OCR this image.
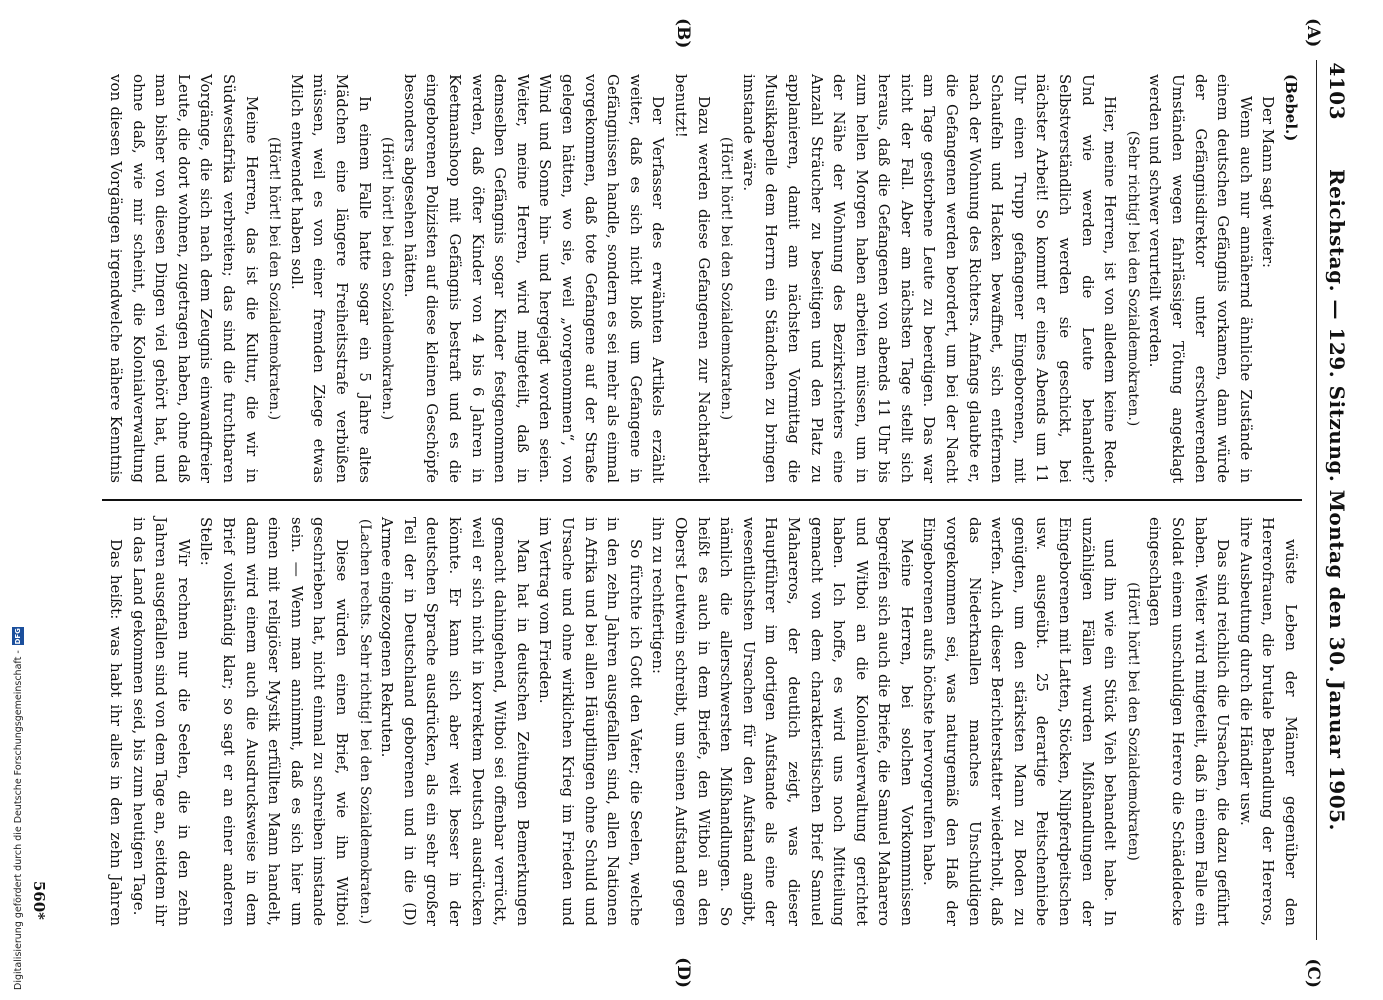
4103
Reichstag. — 129. Sitzung. Montag den 30. Januar 1905.

(Bebel.)

Der Mann sagt weiter:

Wenn auch nur annähernd ähnliche Zustände in einem deutschen Gefängnis vorkamen, dann würde der Gefängnisdirektor unter erschwerenden Umständen wegen fahrlässiger Tötung angeklagt werden und schwer verurteilt werden.

(Sehr richtig! bei den Sozialdemokraten.)

Hier, meine Herren, ist von alledem keine Rede. Und wie werden die Leute behandelt? Selbstverständlich werden sie geschickt, bei nächster Arbeit! So kommt er eines Abends um 11 Uhr einen Trupp gefangener Eingeborenen, mit Schaufeln und Hacken bewaffnet, sich entfernen nach der Wohnung des Richters. Anfangs glaubte er, die Gefangenen werden beordert, um bei der Nacht am Tage gestorbene Leute zu beerdigen. Das war nicht der Fall. Aber am nächsten Tage stellt sich heraus, daß die Gefangenen von abends 11 Uhr bis zum hellen Morgen haben arbeiten müssen, um in der Nähe der Wohnung des Bezirksrichters eine Anzahl Sträucher zu beseitigen und den Platz zu applanieren, damit am nächsten Vormittag die Musikkapelle dem Herrn ein Ständchen zu bringen imstande wäre.

(Hört! hört! bei den Sozialdemokraten.)

Dazu werden diese Gefangenen zur Nachtarbeit benutzt!

Der Verfasser des erwähnten Artikels erzählt weiter, daß es sich nicht bloß um Gefangene in Gefängnissen handle, sondern es sei mehr als einmal vorgekommen, daß tote Gefangene auf der Straße gelegen hätten, wo sie, weil „vorgenommen“, von Wind und Sonne hin- und hergejagt worden seien. Weiter, meine Herren, wird mitgeteilt, daß in demselben Gefängnis sogar Kinder festgenommen werden, daß öfter Kinder von 4 bis 6 Jahren in Keetmanshoop mit Gefängnis bestraft und es die eingeborenen Polizisten auf diese kleinen Geschöpfe besonders abgesehen hätten.

(Hört! hört! bei den Sozialdemokraten.)

In einem Falle hatte sogar ein 5 Jahre altes Mädchen eine längere Freiheitsstrafe verbüßen müssen, weil es von einer fremden Ziege etwas Milch entwendet haben soll.

(Hört! hört! bei den Sozialdemokraten.)

Meine Herren, das ist die Kultur, die wir in Südwestafrika verbreiten; das sind die furchtbaren Vorgänge, die sich nach dem Zeugnis einwandfreier Leute, die dort wohnen, zugetragen haben, ohne daß man bisher von diesen Dingen viel gehört hat, und ohne daß, wie mir scheint, die Kolonialverwaltung von diesen Vorgängen irgendwelche nähere Kenntnis

wüste Leben der Männer gegenüber den Hererofrauen, die brutale Behandlung der Hereros, ihre Ausbeutung durch die Händler usw.

Das sind reichlich die Ursachen, die dazu geführt haben. Weiter wird mitgeteilt, daß in einem Falle ein Soldat einem unschuldigen Herero die Schädeldecke eingeschlagen

(Hört! hört! bei den Sozialdemokraten)

und ihn wie ein Stück Vieh behandelt habe. In unzähligen Fällen wurden Mißhandlungen der Eingeborenen mit Latten, Stöcken, Nilpferdpeitschen usw. ausgeübt. 25 derartige Peitschenhiebe genügten, um den stärksten Mann zu Boden zu werfen. Auch dieser Berichterstatter wiederholt, daß das Niederknallen manches Unschuldigen vorgekommen sei, was naturgemäß den Haß der Eingeborenen aufs höchste hervorgerufen habe.

Meine Herren, bei solchen Vorkommnissen begreifen sich auch die Briefe, die Samuel Maharero und Witboi an die Kolonialverwaltung gerichtet haben. Ich hoffe, es wird uns noch Mitteilung gemacht von dem charakteristischen Brief Samuel Mahareros, der deutlich zeigt, was dieser Hauptführer im dortigen Aufstande als eine der wesentlichsten Ursachen für den Aufstand angibt, nämlich die allerschwersten Mißhandlungen. So heißt es auch in dem Briefe, den Witboi an den Oberst Leutwein schreibt, um seinen Aufstand gegen ihn zu rechtfertigen:

So fürchte ich Gott den Vater; die Seelen, welche in den zehn Jahren ausgefallen sind, allen Nationen in Afrika und bei allen Häuptlingen ohne Schuld und Ursache und ohne wirklichen Krieg im Frieden und im Vertrag vom Frieden.

Man hat in deutschen Zeitungen Bemerkungen gemacht dahingehend, Witboi sei offenbar verrückt, weil er sich nicht in korrektem Deutsch ausdrücken könnte. Er kann sich aber weit besser in der deutschen Sprache ausdrücken, als ein sehr großer Teil der in Deutschland geborenen und in die (D) Armee eingezogenen Rekruten.

(Lachen rechts. Sehr richtig! bei den Sozialdemokraten.)

Diese würden einen Brief, wie ihn Witboi geschrieben hat, nicht einmal zu schreiben imstande sein. — Wenn man annimmt, daß es sich hier um einen mit religiöser Mystik erfüllten Mann handelt, dann wird einem auch die Ausdrucksweise in dem Brief vollständig klar; so sagt er an einer anderen Stelle:

Wir rechnen nur die Seelen, die in den zehn Jahren ausgefallen sind von dem Tage an, seitdem ihr in das Land gekommen seid, bis zum heutigen Tage.

Das heißt: was habt ihr alles in den zehn Jahren

(A)
(B)
(C)
(D)
560*
Digitalisierung gefördert durch die Deutsche Forschungsgemeinschaft -
DFG
